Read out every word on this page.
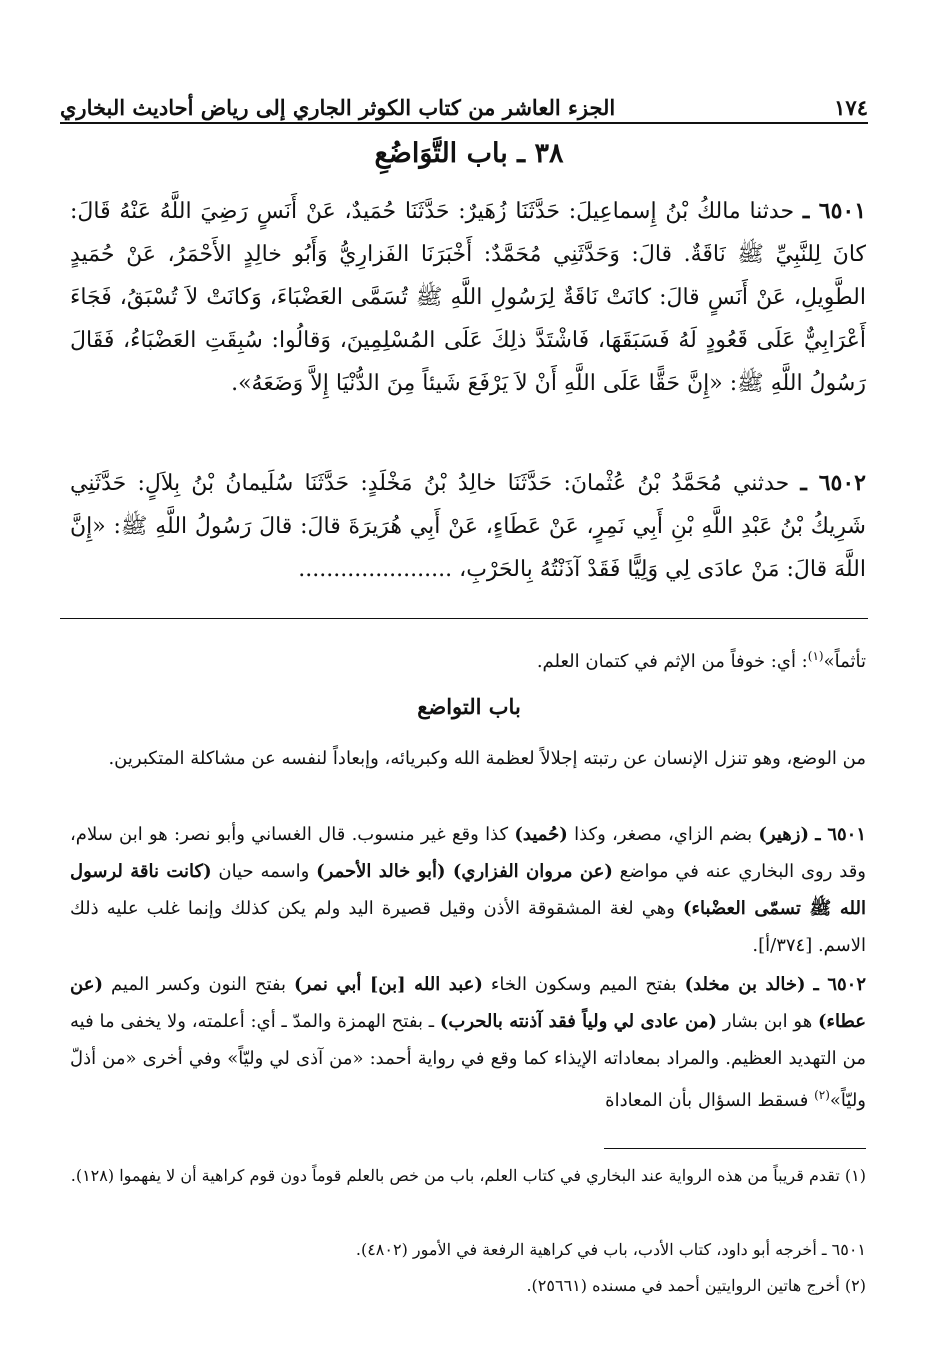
١٧٤
الجزء العاشر من كتاب الكوثر الجاري إلى رياض أحاديث البخاري
٣٨ ـ باب التَّوَاضُعِ
٦٥٠١ ـ حدثنا مالكُ بْنُ إِسماعِيلَ: حَدَّثَنَا زُهَيرٌ: حَدَّثَنَا حُمَيدٌ، عَنْ أَنَسٍ رَضِيَ اللَّهُ عَنْهُ قَالَ: كانَ لِلنَّبِيِّ ﷺ نَاقَةٌ. قالَ: وَحَدَّثَنِي مُحَمَّدٌ: أَخْبَرَنَا الفَزارِيُّ وَأَبُو خالِدٍ الأَحْمَرُ، عَنْ حُمَيدٍ الطَّوِيلِ، عَنْ أَنَسٍ قالَ: كانَتْ نَاقَةٌ لِرَسُولِ اللَّهِ ﷺ تُسَمَّى العَضْبَاءَ، وَكانَتْ لاَ تُسْبَقُ، فَجَاءَ أَعْرَابِيٌّ عَلَى قَعُودٍ لَهُ فَسَبَقَهَا، فَاشْتَدَّ ذلِكَ عَلَى المُسْلِمِينَ، وَقالُوا: سُبِقَتِ العَضْبَاءُ، فَقَالَ رَسُولُ اللَّهِ ﷺ: «إِنَّ حَقًّا عَلَى اللَّهِ أَنْ لاَ يَرْفَعَ شَيئاً مِنَ الدُّنْيَا إِلاَّ وَضَعَهُ».
٦٥٠٢ ـ حدثني مُحَمَّدُ بْنُ عُثْمانَ: حَدَّثَنَا خالِدُ بْنُ مَخْلَدٍ: حَدَّثَنَا سُلَيمانُ بْنُ بِلاَلٍ: حَدَّثَنِي شَرِيكُ بْنُ عَبْدِ اللَّهِ بْنِ أَبِي نَمِرٍ، عَنْ عَطَاءٍ، عَنْ أَبِي هُرَيرَةَ قالَ: قالَ رَسُولُ اللَّهِ ﷺ: «إِنَّ اللَّهَ قالَ: مَنْ عادَى لِي وَلِيًّا فَقَدْ آذَنْتُهُ بِالحَرْبِ، ......................
تأثماً»$^{(١)}$: أي: خوفاً من الإثم في كتمان العلم.
باب التواضع
من الوضع، وهو تنزل الإنسان عن رتبته إجلالاً لعظمة الله وكبريائه، وإبعاداً لنفسه عن مشاكلة المتكبرين.
٦٥٠١ ـ (زهير) بضم الزاي، مصغر، وكذا (حُميد) كذا وقع غير منسوب. قال الغساني وأبو نصر: هو ابن سلام، وقد روى البخاري عنه في مواضع (عن مروان الفزاري) (أبو خالد الأحمر) واسمه حيان (كانت ناقة لرسول الله ﷺ تسمّى العضْباء) وهي لغة المشقوقة الأذن وقيل قصيرة اليد ولم يكن كذلك وإنما غلب عليه ذلك الاسم. [٣٧٤/أ].
٦٥٠٢ ـ (خالد بن مخلد) بفتح الميم وسكون الخاء (عبد الله [بن] أبي نمر) بفتح النون وكسر الميم (عن عطاء) هو ابن بشار (من عادى لي ولياً فقد آذنته بالحرب) ـ بفتح الهمزة والمدّ ـ أي: أعلمته، ولا يخفى ما فيه من التهديد العظيم. والمراد بمعاداته الإيذاء كما وقع في رواية أحمد: «من آذى لي وليّاً» وفي أخرى «من أذلّ وليّاً»$^{(٢)}$ فسقط السؤال بأن المعاداة
(١) تقدم قريباً من هذه الرواية عند البخاري في كتاب العلم، باب من خص بالعلم قوماً دون قوم كراهية أن لا يفهموا (١٢٨).
٦٥٠١ ـ أخرجه أبو داود، كتاب الأدب، باب في كراهية الرفعة في الأمور (٤٨٠٢).
(٢) أخرج هاتين الروايتين أحمد في مسنده (٢٥٦٦١).
